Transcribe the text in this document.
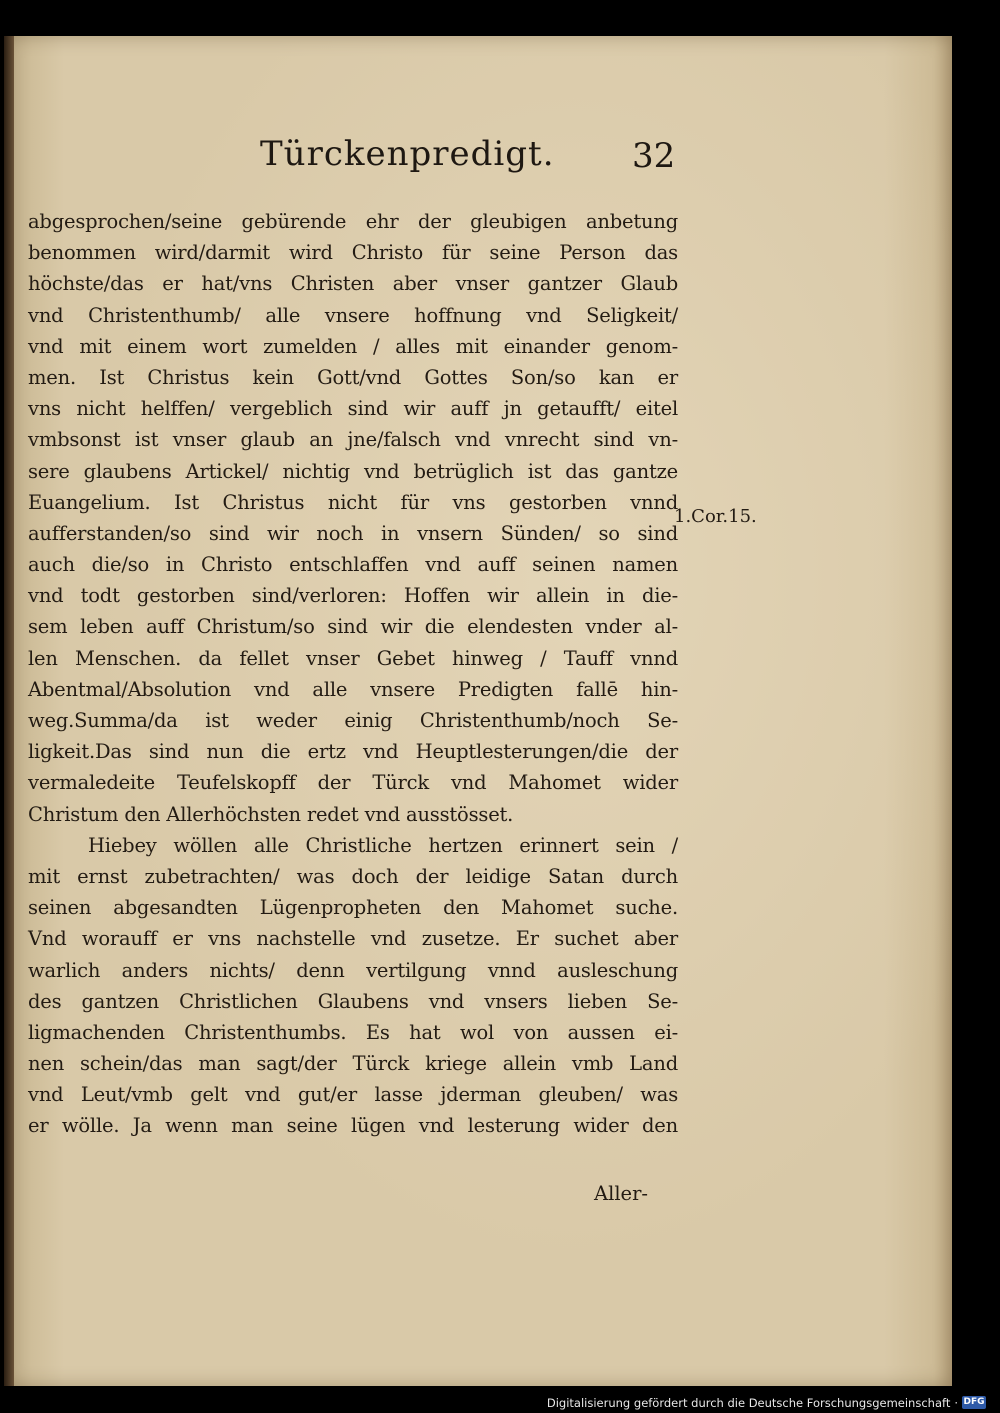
Türckenpredigt. 32
abgesprochen/seine gebürende ehr der gleubigen anbetung
benommen wird/darmit wird Christo für seine Person das
höchste/das er hat/vns Christen aber vnser gantzer Glaub
vnd Christenthumb/ alle vnsere hoffnung vnd Seligkeit/
vnd mit einem wort zumelden / alles mit einander genom-
men. Ist Christus kein Gott/vnd Gottes Son/so kan er
vns nicht helffen/ vergeblich sind wir auff jn getaufft/ eitel
vmbsonst ist vnser glaub an jne/falsch vnd vnrecht sind vn-
sere glaubens Artickel/ nichtig vnd betrüglich ist das gantze
Euangelium. Ist Christus nicht für vns gestorben vnnd
aufferstanden/so sind wir noch in vnsern Sünden/ so sind
auch die/so in Christo entschlaffen vnd auff seinen namen
vnd todt gestorben sind/verloren: Hoffen wir allein in die-
sem leben auff Christum/so sind wir die elendesten vnder al-
len Menschen. da fellet vnser Gebet hinweg / Tauff vnnd
Abentmal/Absolution vnd alle vnsere Predigten fallē hin-
weg.Summa/da ist weder einig Christenthumb/noch Se-
ligkeit.Das sind nun die ertz vnd Heuptlesterungen/die der
vermaledeite Teufelskopff der Türck vnd Mahomet wider
Christum den Allerhöchsten redet vnd ausstösset.
Hiebey wöllen alle Christliche hertzen erinnert sein /
mit ernst zubetrachten/ was doch der leidige Satan durch
seinen abgesandten Lügenpropheten den Mahomet suche.
Vnd worauff er vns nachstelle vnd zusetze. Er suchet aber
warlich anders nichts/ denn vertilgung vnnd ausleschung
des gantzen Christlichen Glaubens vnd vnsers lieben Se-
ligmachenden Christenthumbs. Es hat wol von aussen ei-
nen schein/das man sagt/der Türck kriege allein vmb Land
vnd Leut/vmb gelt vnd gut/er lasse jderman gleuben/ was
er wölle. Ja wenn man seine lügen vnd lesterung wider den
Aller-
1.Cor.15.
Digitalisierung gefördert durch die Deutsche Forschungsgemeinschaft · DFG
